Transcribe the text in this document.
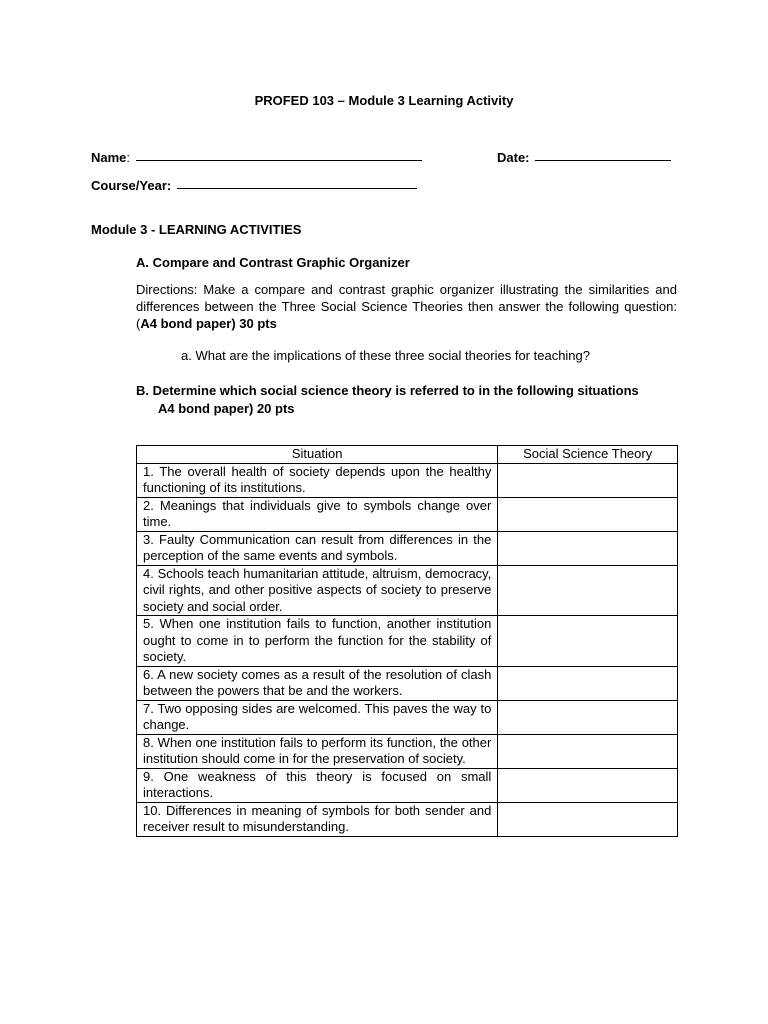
PROFED 103 – Module 3 Learning Activity
Name:	Date:
Course/Year:
Module 3 - LEARNING ACTIVITIES
A. Compare and Contrast Graphic Organizer
Directions: Make a compare and contrast graphic organizer illustrating the similarities and differences between the Three Social Science Theories then answer the following question: (A4 bond paper) 30 pts
a. What are the implications of these three social theories for teaching?
B. Determine which social science theory is referred to in the following situations
A4 bond paper) 20 pts
Situation	Social Science Theory
1. The overall health of society depends upon the healthy functioning of its institutions.	
2. Meanings that individuals give to symbols change over time.	
3. Faulty Communication can result from differences in the perception of the same events and symbols.	
4. Schools teach humanitarian attitude, altruism, democracy, civil rights, and other positive aspects of society to preserve society and social order.	
5. When one institution fails to function, another institution ought to come in to perform the function for the stability of society.	
6. A new society comes as a result of the resolution of clash between the powers that be and the workers.	
7. Two opposing sides are welcomed. This paves the way to change.	
8. When one institution fails to perform its function, the other institution should come in for the preservation of society.	
9. One weakness of this theory is focused on small interactions.	
10. Differences in meaning of symbols for both sender and receiver result to misunderstanding.	
